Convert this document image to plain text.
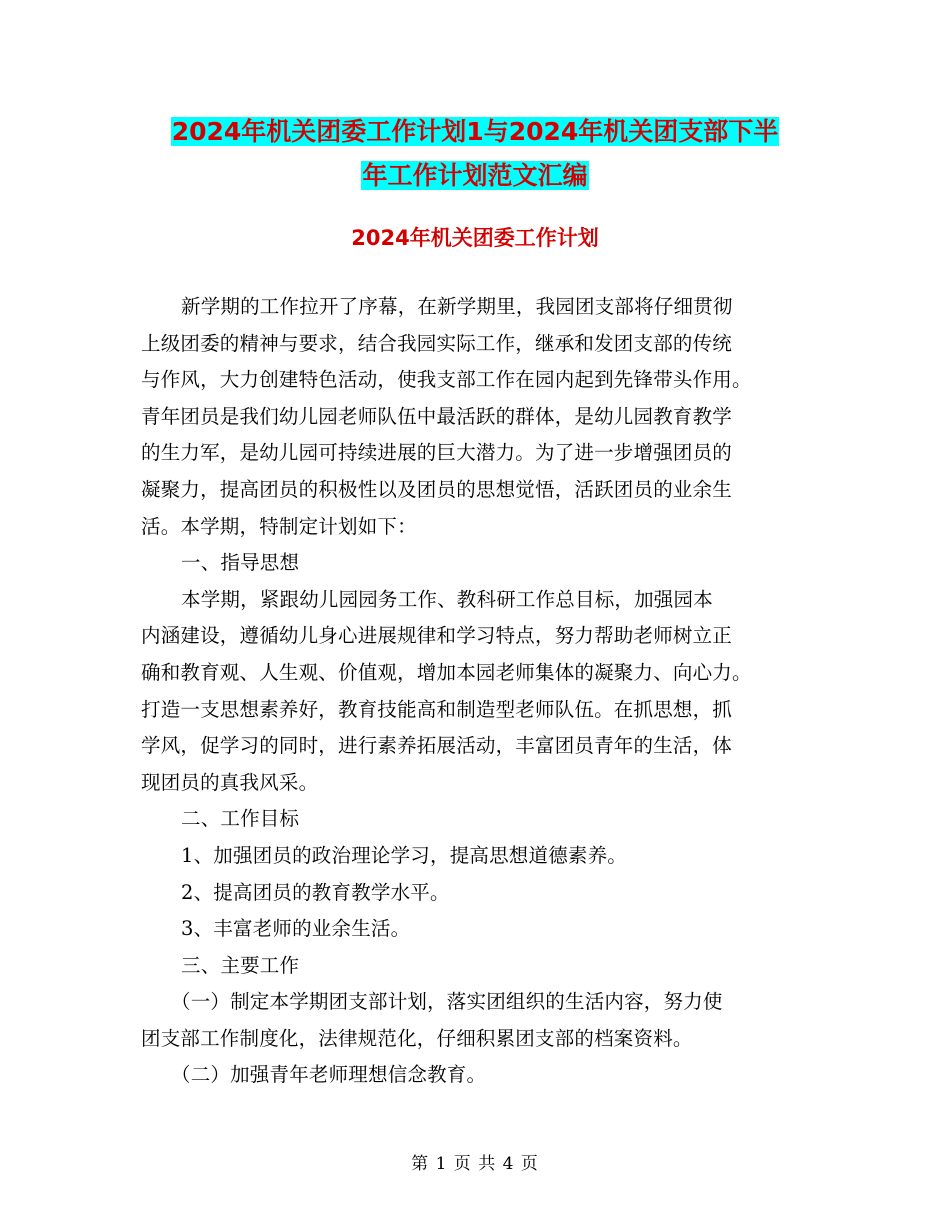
2024年机关团委工作计划1与2024年机关团支部下半
年工作计划范文汇编
2024年机关团委工作计划
新学期的工作拉开了序幕，在新学期里，我园团支部将仔细贯彻
上级团委的精神与要求，结合我园实际工作，继承和发团支部的传统
与作风，大力创建特色活动，使我支部工作在园内起到先锋带头作用。
青年团员是我们幼儿园老师队伍中最活跃的群体，是幼儿园教育教学
的生力军，是幼儿园可持续进展的巨大潜力。为了进一步增强团员的
凝聚力，提高团员的积极性以及团员的思想觉悟，活跃团员的业余生
活。本学期，特制定计划如下：
一、指导思想
本学期，紧跟幼儿园园务工作、教科研工作总目标，加强园本
内涵建设，遵循幼儿身心进展规律和学习特点，努力帮助老师树立正
确和教育观、人生观、价值观，增加本园老师集体的凝聚力、向心力。
打造一支思想素养好，教育技能高和制造型老师队伍。在抓思想，抓
学风，促学习的同时，进行素养拓展活动，丰富团员青年的生活，体
现团员的真我风采。
二、工作目标
1、加强团员的政治理论学习，提高思想道德素养。
2、提高团员的教育教学水平。
3、丰富老师的业余生活。
三、主要工作
（一）制定本学期团支部计划，落实团组织的生活内容，努力使
团支部工作制度化，法律规范化，仔细积累团支部的档案资料。
（二）加强青年老师理想信念教育。
第 1 页 共 4 页
